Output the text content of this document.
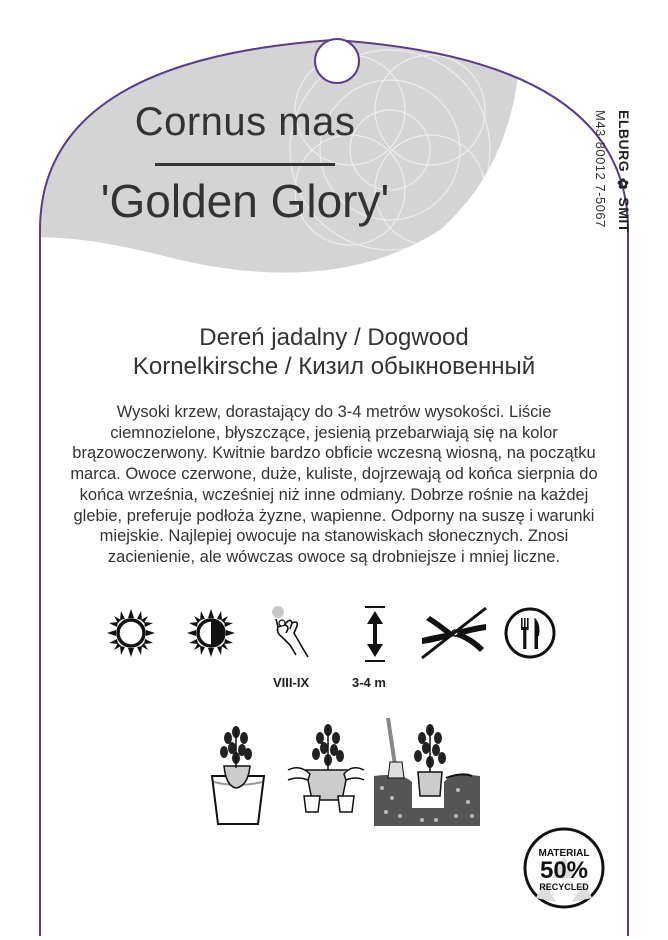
Cornus mas
'Golden Glory'	ELBURG ✿ SMIT
M43-80012 7-5067
Dereń jadalny / Dogwood
Kornelkirsche / Кизил обыкновенный
Wysoki krzew, dorastający do 3-4 metrów wysokości. Liście ciemnozielone, błyszczące, jesienią przebarwiają się na kolor brązowoczerwony. Kwitnie bardzo obficie wczesną wiosną, na początku marca. Owoce czerwone, duże, kuliste, dojrzewają od końca sierpnia do końca września, wcześniej niż inne odmiany. Dobrze rośnie na każdej glebie, preferuje podłoża żyzne, wapienne. Odporny na suszę i warunki miejskie. Najlepiej owocuje na stanowiskach słonecznych. Znosi zacienienie, ale wówczas owoce są drobniejsze i mniej liczne.
VIII-IX	3-4 m
MATERIAL
50%
RECYCLED
